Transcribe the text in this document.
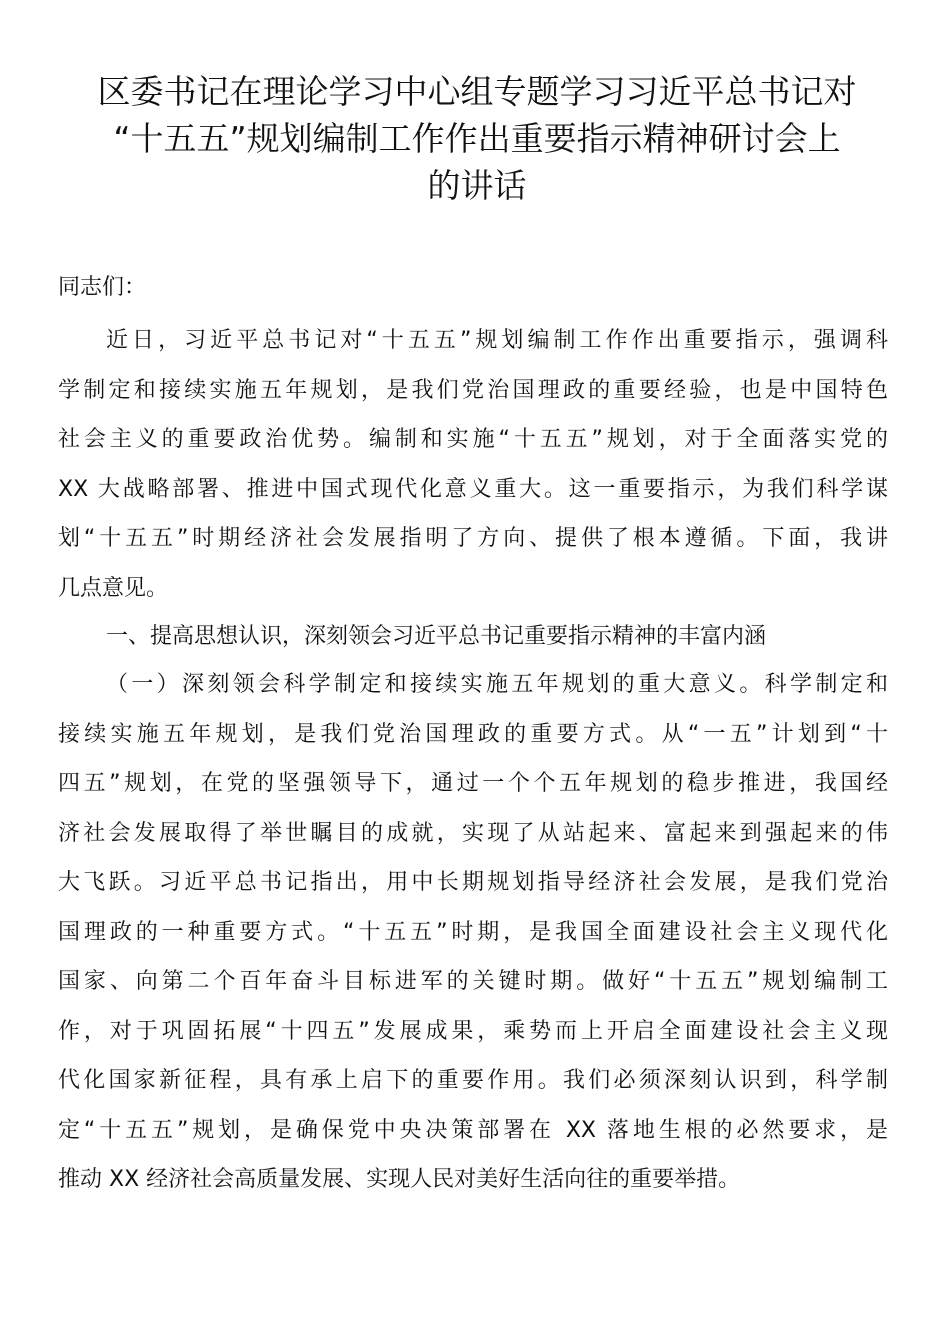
区委书记在理论学习中心组专题学习习近平总书记对
“十五五”规划编制工作作出重要指示精神研讨会上
的讲话

同志们：

近日，习近平总书记对“十五五”规划编制工作作出重要指示，强调科
学制定和接续实施五年规划，是我们党治国理政的重要经验，也是中国特色
社会主义的重要政治优势。编制和实施“十五五”规划，对于全面落实党的
XX 大战略部署、推进中国式现代化意义重大。这一重要指示，为我们科学谋
划“十五五”时期经济社会发展指明了方向、提供了根本遵循。下面，我讲
几点意见。
一、提高思想认识，深刻领会习近平总书记重要指示精神的丰富内涵
（一）深刻领会科学制定和接续实施五年规划的重大意义。科学制定和
接续实施五年规划，是我们党治国理政的重要方式。从“一五”计划到“十
四五”规划，在党的坚强领导下，通过一个个五年规划的稳步推进，我国经
济社会发展取得了举世瞩目的成就，实现了从站起来、富起来到强起来的伟
大飞跃。习近平总书记指出，用中长期规划指导经济社会发展，是我们党治
国理政的一种重要方式。“十五五”时期，是我国全面建设社会主义现代化
国家、向第二个百年奋斗目标进军的关键时期。做好“十五五”规划编制工
作，对于巩固拓展“十四五”发展成果，乘势而上开启全面建设社会主义现
代化国家新征程，具有承上启下的重要作用。我们必须深刻认识到，科学制
定“十五五”规划，是确保党中央决策部署在 XX 落地生根的必然要求，是
推动 XX 经济社会高质量发展、实现人民对美好生活向往的重要举措。
